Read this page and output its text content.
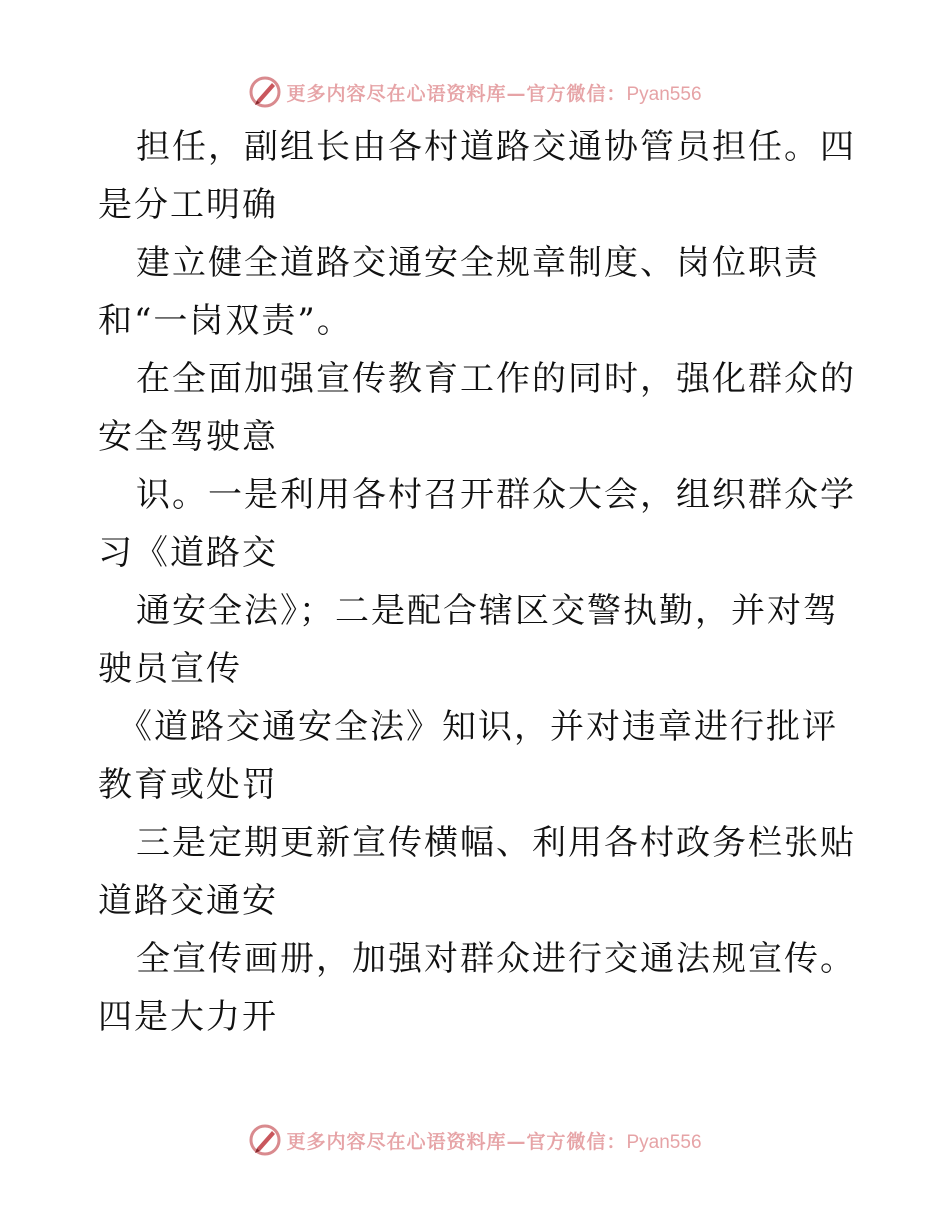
更多内容尽在心语资料库—官方微信：Pyan556

担任，副组长由各村道路交通协管员担任。四是分工明确

建立健全道路交通安全规章制度、岗位职责

和“一岗双责”。

在全面加强宣传教育工作的同时，强化群众的安全驾驶意

识。一是利用各村召开群众大会，组织群众学习《道路交

通安全法》；二是配合辖区交警执勤，并对驾驶员宣传

《道路交通安全法》知识，并对违章进行批评教育或处罚

三是定期更新宣传横幅、利用各村政务栏张贴道路交通安

全宣传画册，加强对群众进行交通法规宣传。四是大力开

更多内容尽在心语资料库—官方微信：Pyan556
